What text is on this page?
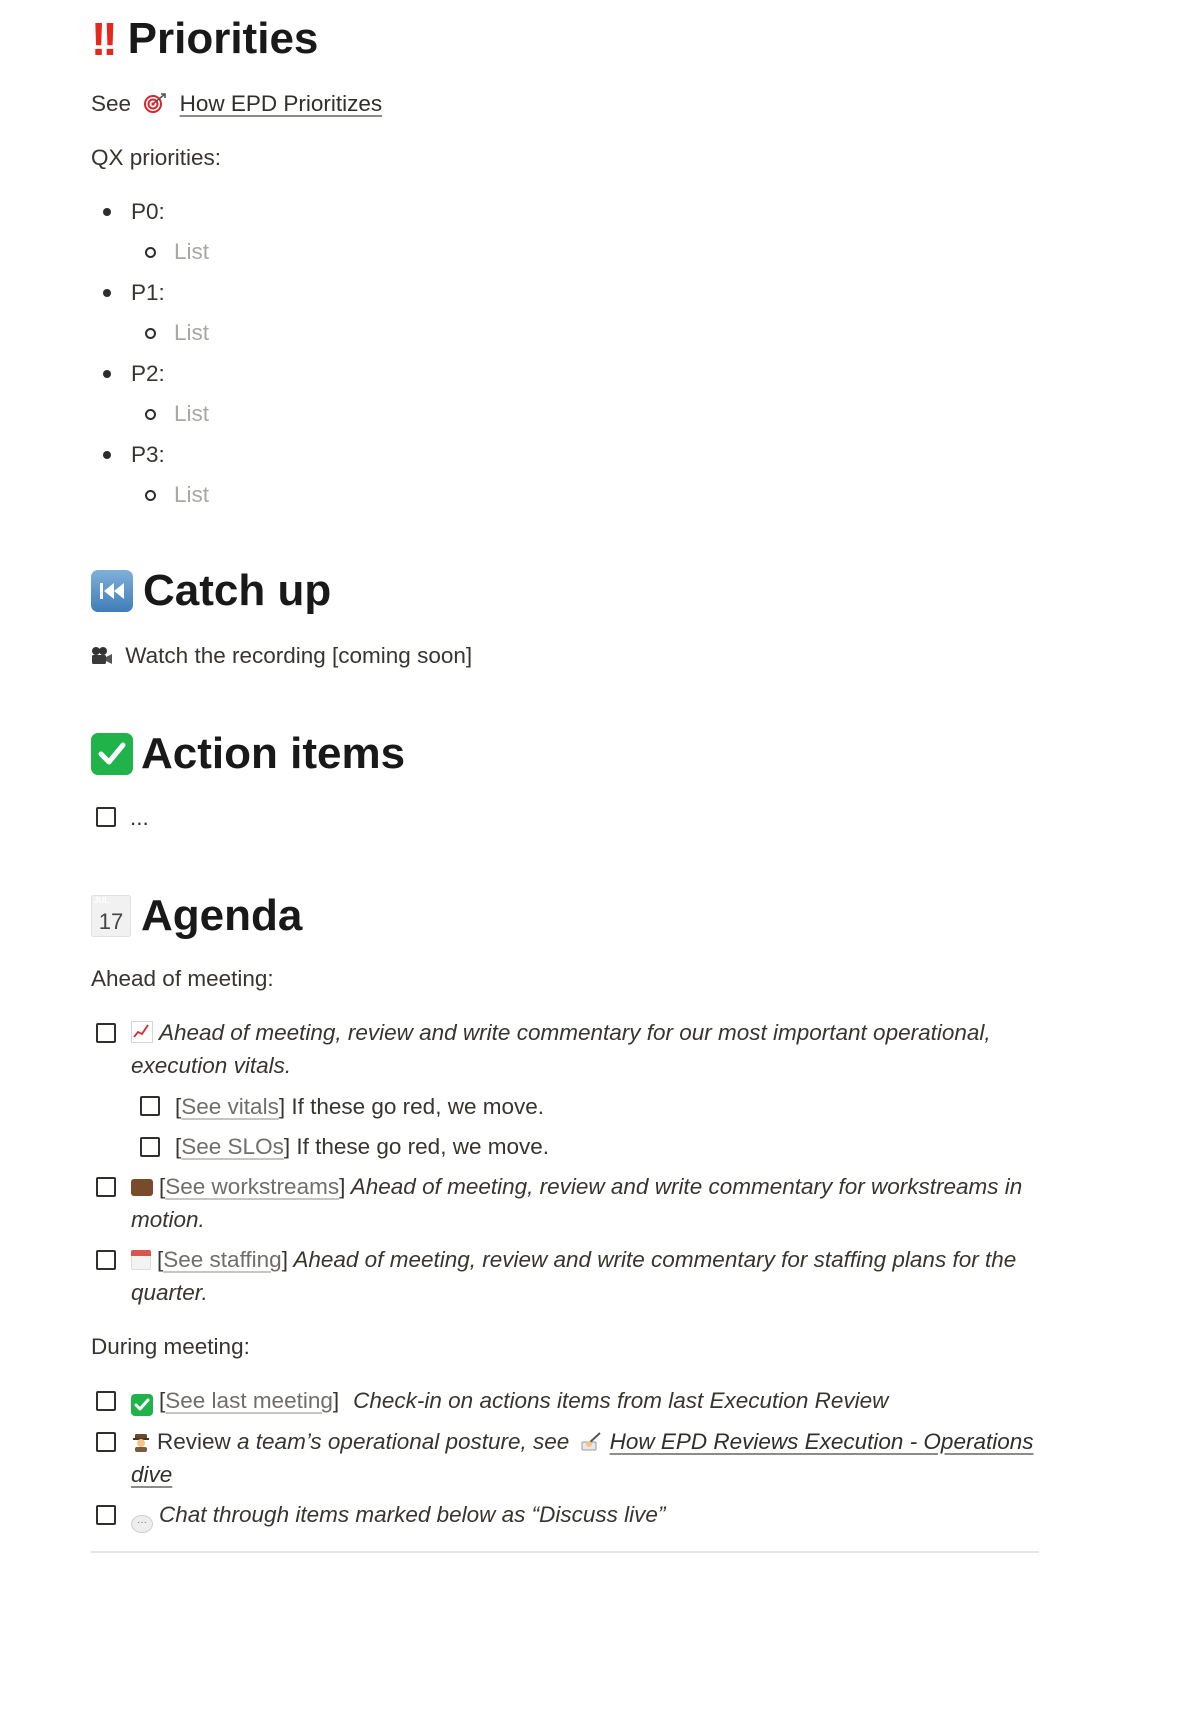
!! Priorities
See How EPD Prioritizes
QX priorities:
P0:
List
P1:
List
P2:
List
P3:
List
Catch up
Watch the recording [coming soon]
Action items
...
JUL
17 Agenda
Ahead of meeting:
Ahead of meeting, review and write commentary for our most important operational,
execution vitals.
[See vitals] If these go red, we move.
[See SLOs] If these go red, we move.
[See workstreams] Ahead of meeting, review and write commentary for workstreams in
motion.
[See staffing] Ahead of meeting, review and write commentary for staffing plans for the
quarter.
During meeting:
[See last meeting] Check-in on actions items from last Execution Review
Review a team’s operational posture, see How EPD Reviews Execution - Operations
dive
··· Chat through items marked below as “Discuss live”
